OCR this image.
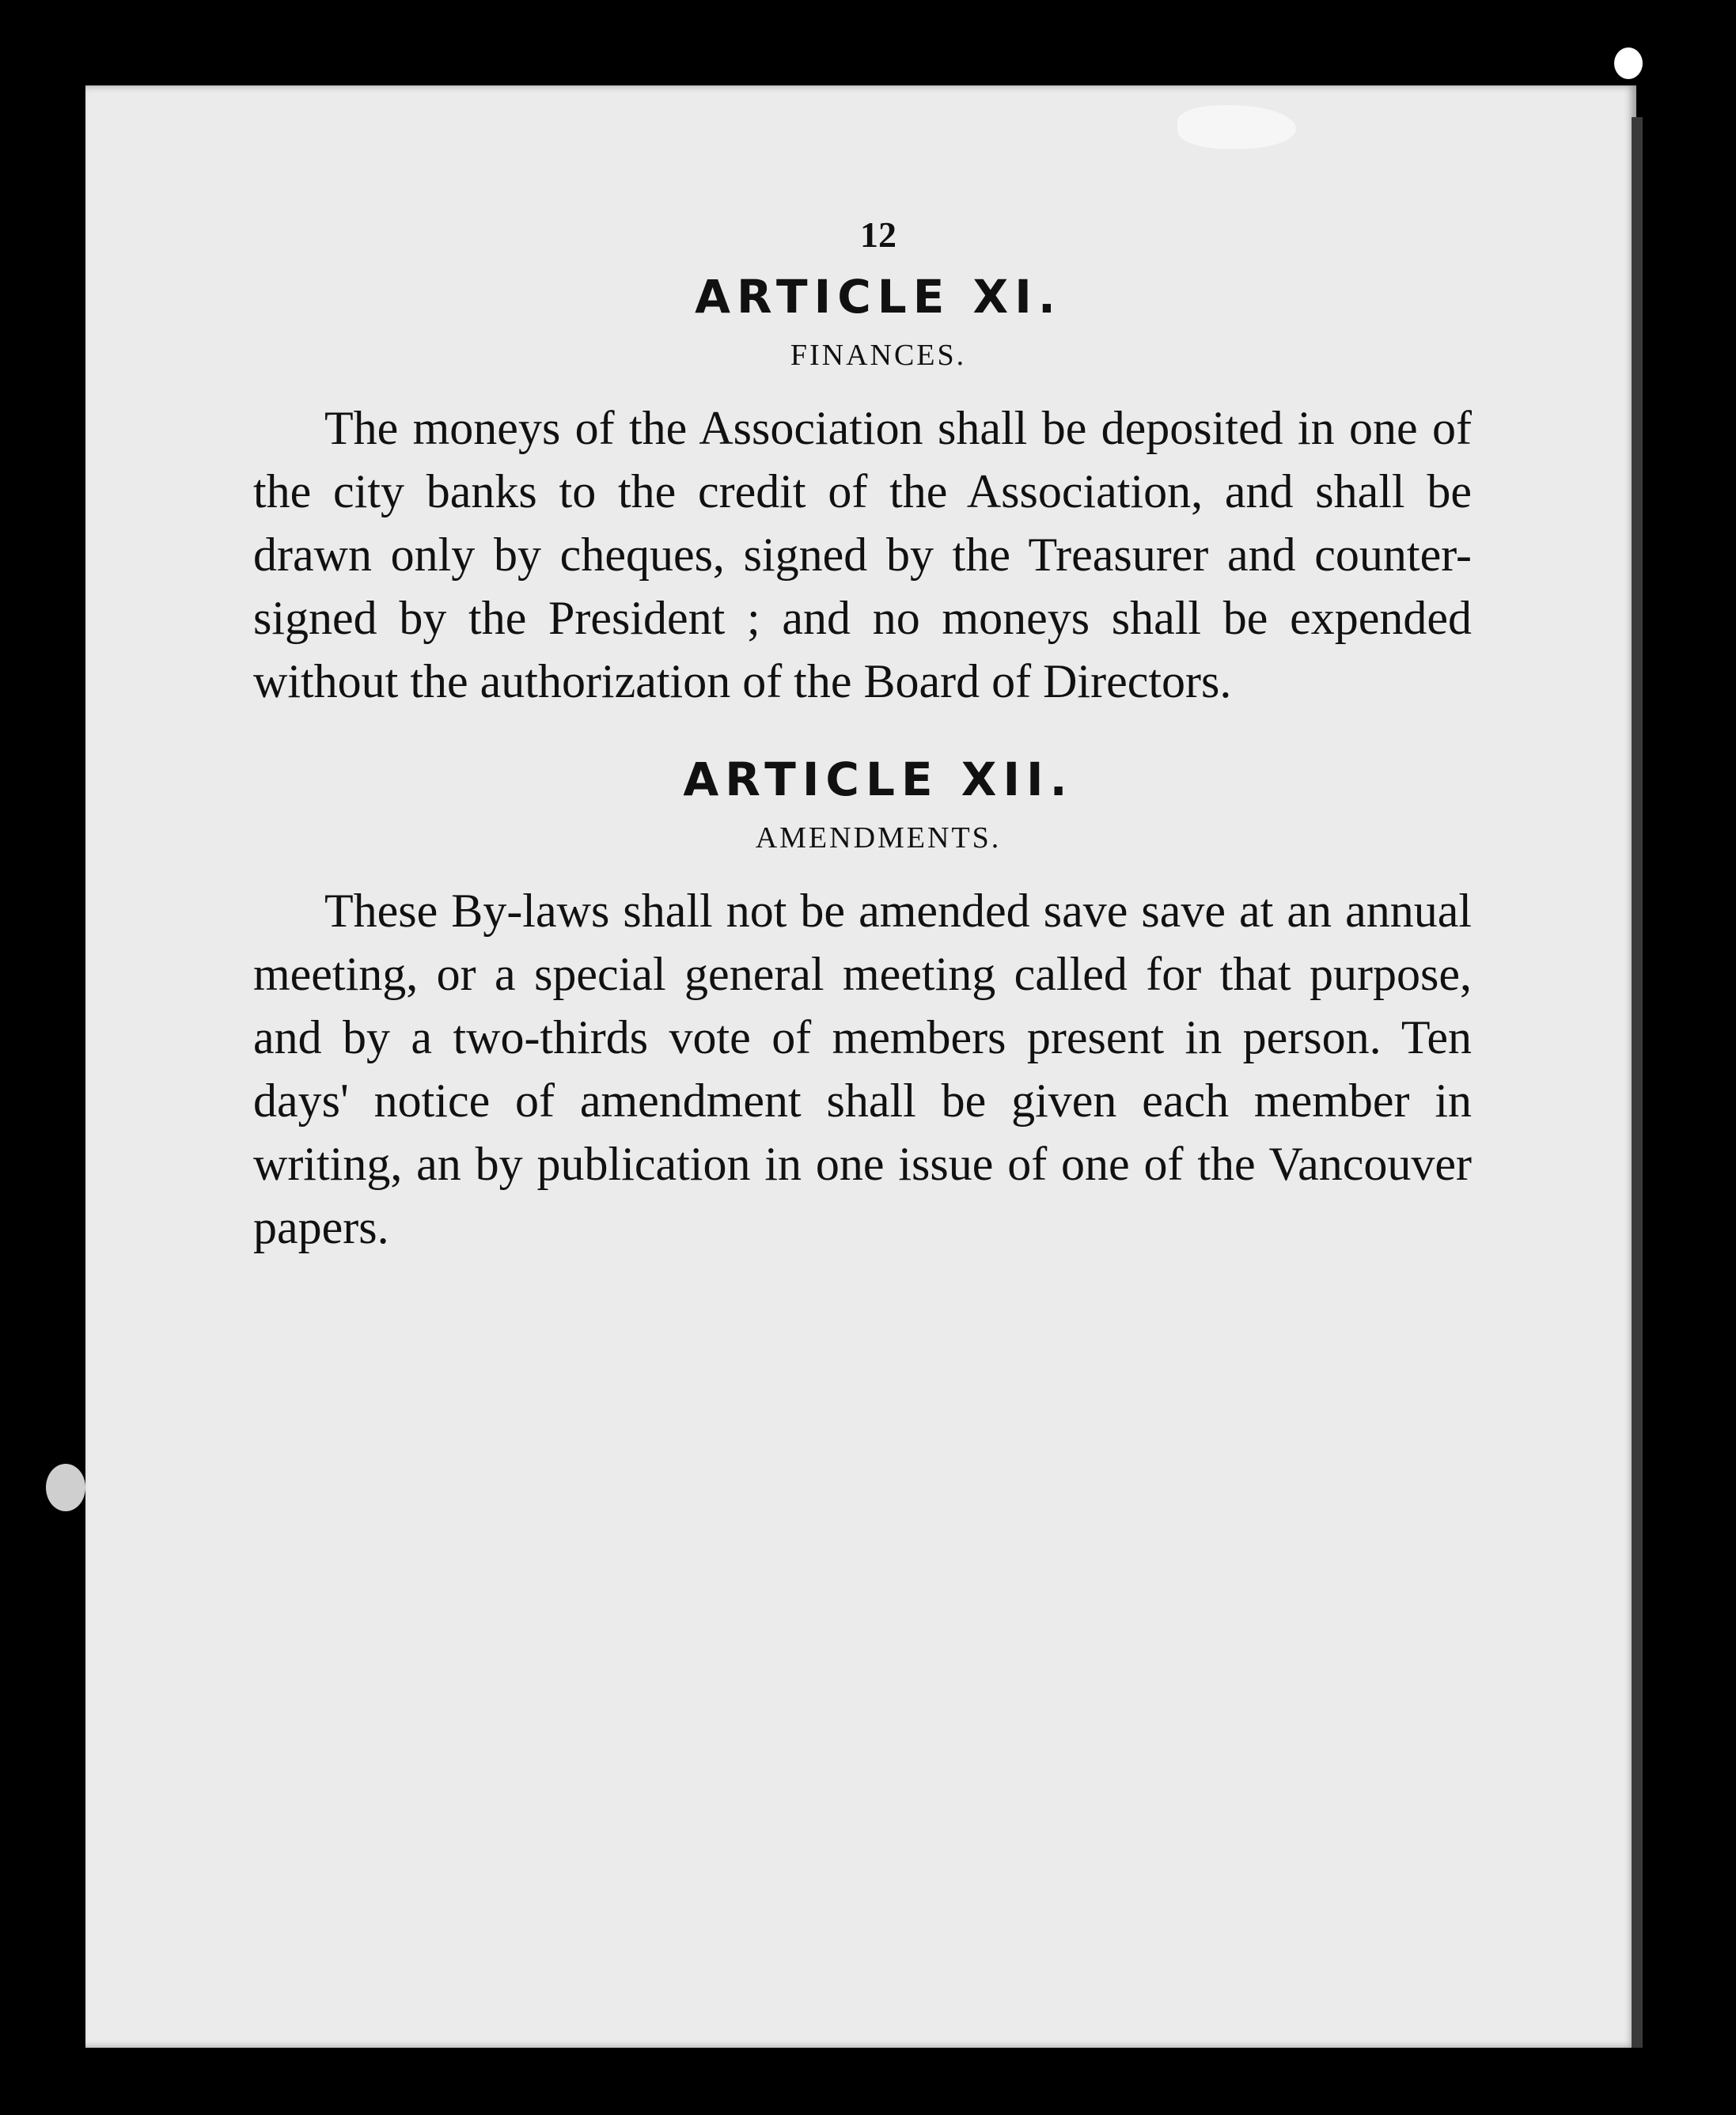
12
ARTICLE XI.
FINANCES.

The moneys of the Association shall be deposited in one of the city banks to the credit of the Association, and shall be drawn only by cheques, signed by the Treasurer and counter-signed by the President ; and no moneys shall be expended without the authorization of the Board of Directors.

ARTICLE XII.
AMENDMENTS.

These By-laws shall not be amended save save at an annual meeting, or a special general meeting called for that purpose, and by a two-thirds vote of members present in person. Ten days' notice of amendment shall be given each member in writing, an by publication in one issue of one of the Vancouver papers.
